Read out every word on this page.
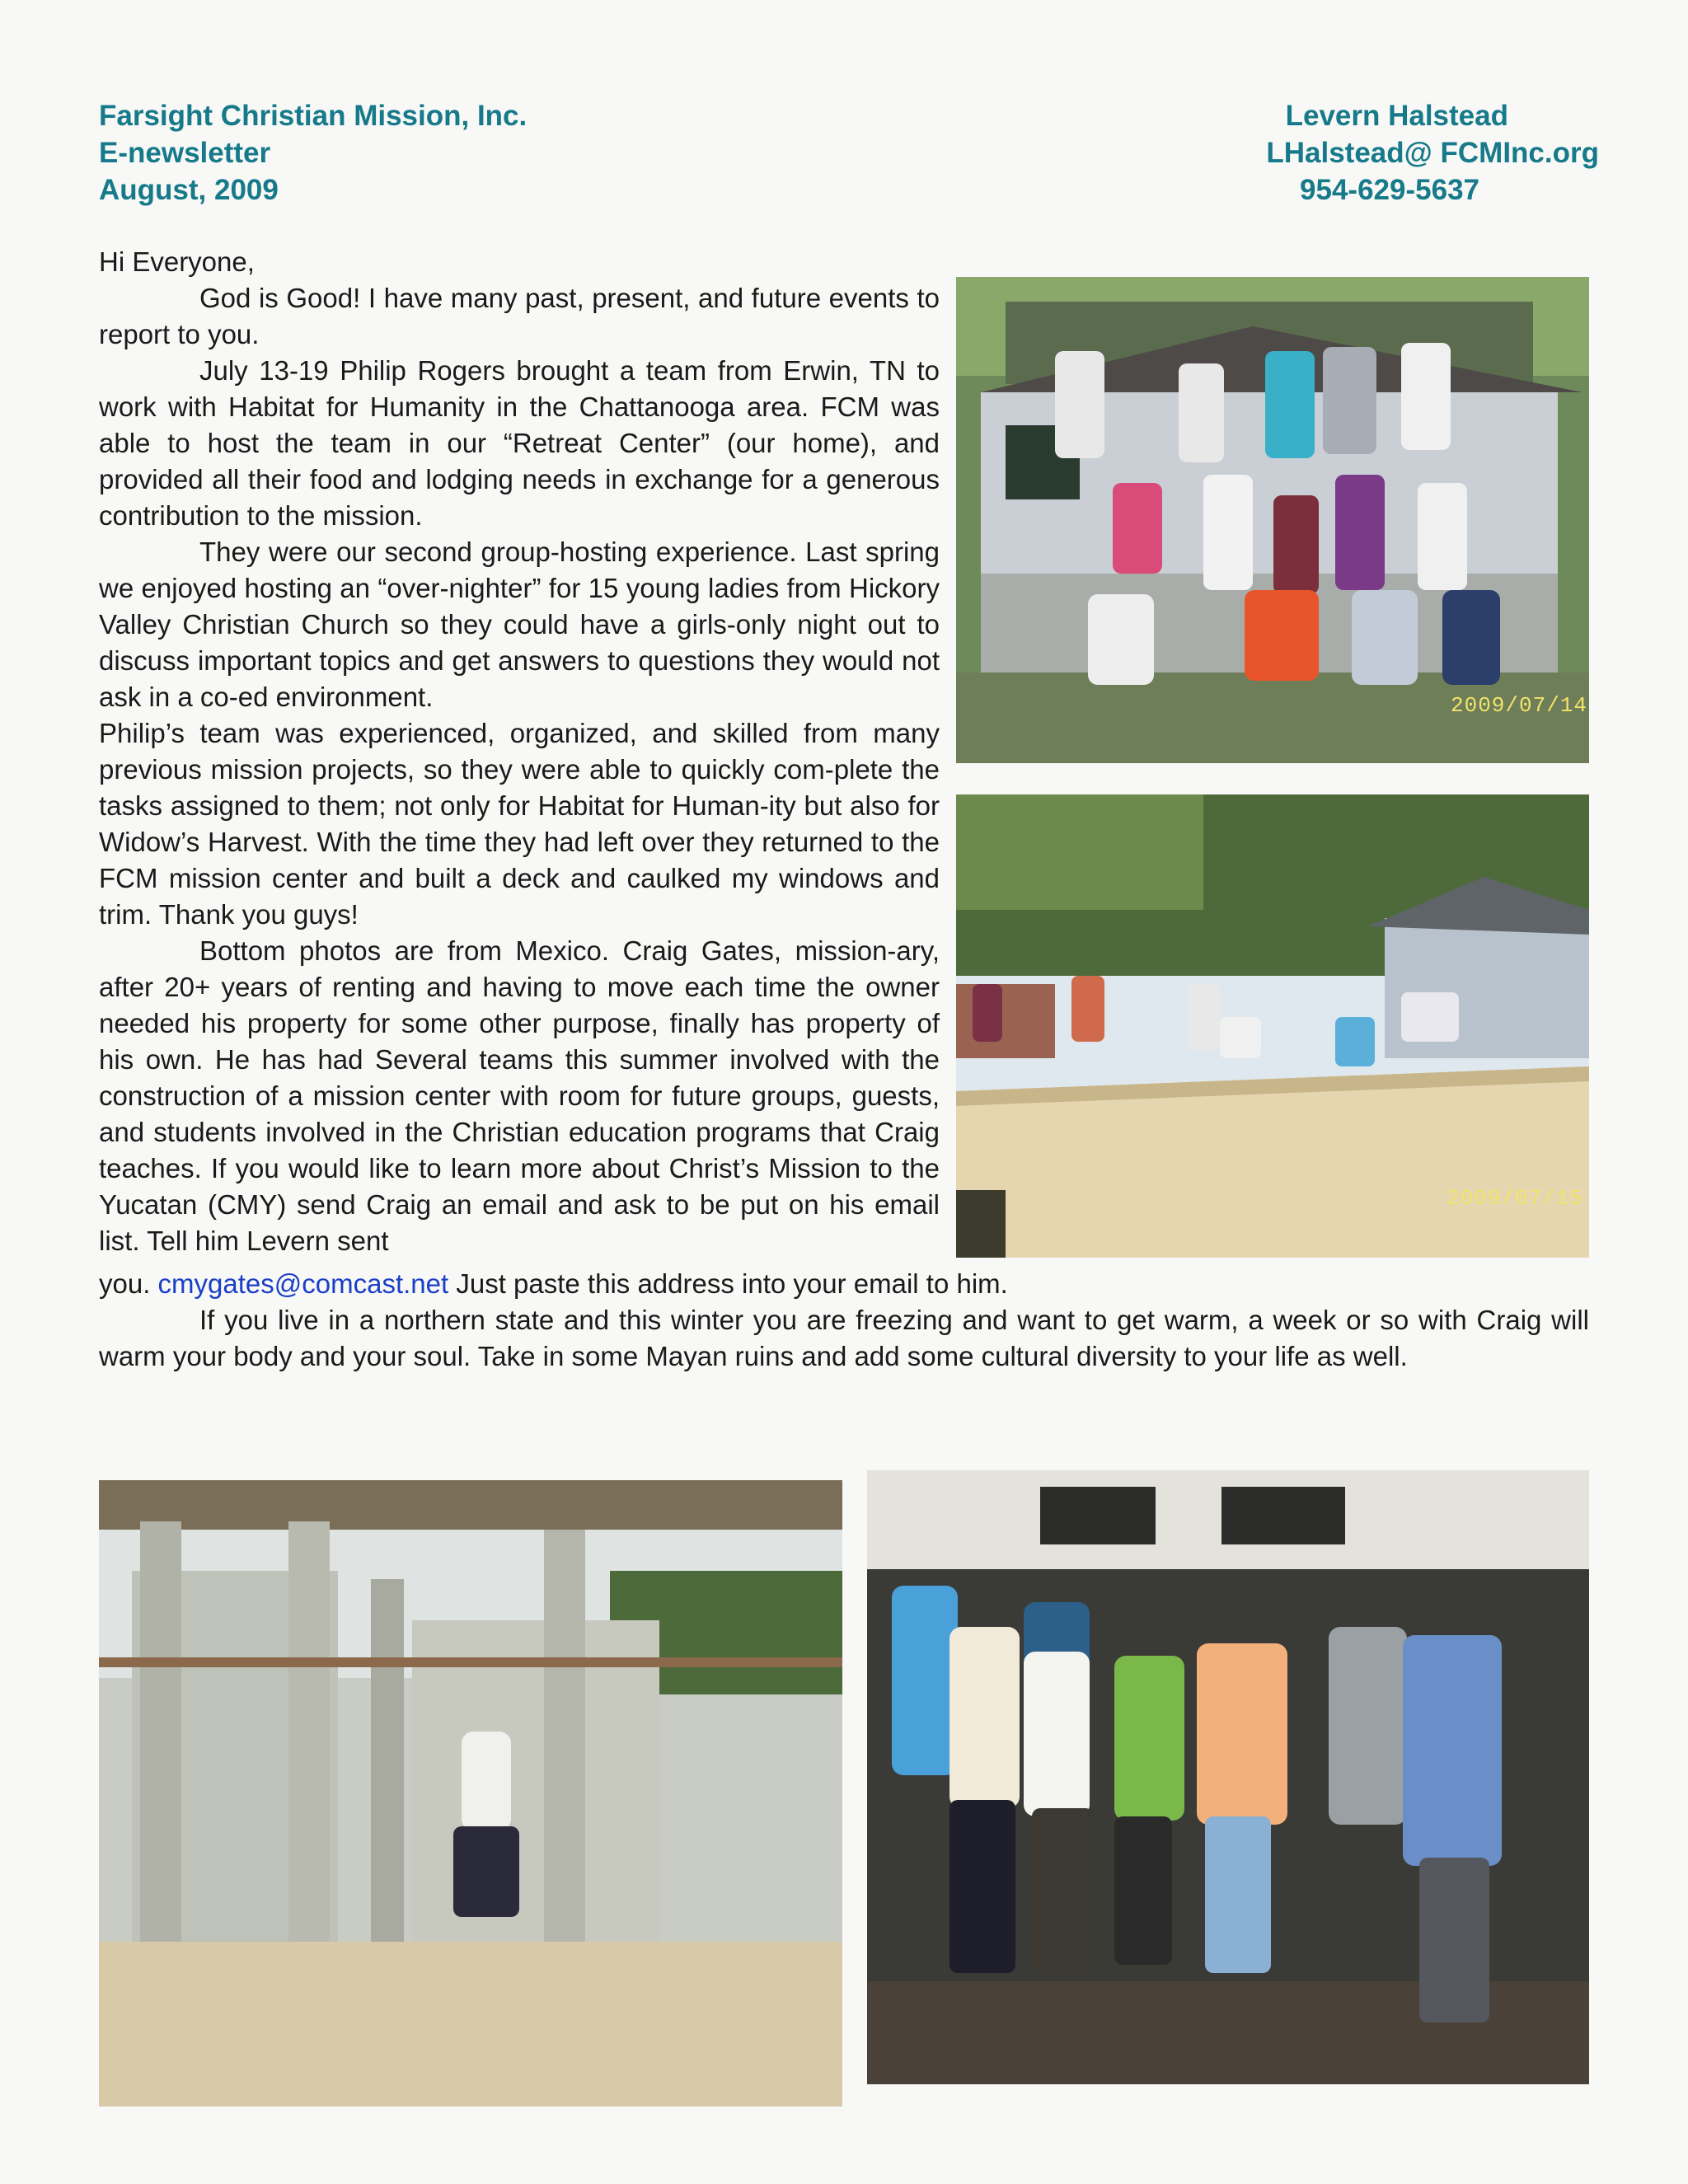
Farsight Christian Mission, Inc.
E-newsletter
August, 2009
Levern Halstead
LHalstead@ FCMInc.org
954-629-5637

Hi Everyone,

God is Good! I have many past, present, and future events to report to you.

July 13-19 Philip Rogers brought a team from Erwin, TN to work with Habitat for Humanity in the Chattanooga area. FCM was able to host the team in our “Retreat Center” (our home), and provided all their food and lodging needs in exchange for a generous contribution to the mission.

They were our second group-hosting experience. Last spring we enjoyed hosting an “over-nighter” for 15 young ladies from Hickory Valley Christian Church so they could have a girls-only night out to discuss important topics and get answers to questions they would not ask in a co-ed environment.

Philip’s team was experienced, organized, and skilled from many previous mission projects, so they were able to quickly com-plete the tasks assigned to them; not only for Habitat for Human-ity but also for Widow’s Harvest. With the time they had left over they returned to the FCM mission center and built a deck and caulked my windows and trim. Thank you guys!

Bottom photos are from Mexico. Craig Gates, mission-ary, after 20+ years of renting and having to move each time the owner needed his property for some other purpose, finally has property of his own. He has had Several teams this summer involved with the construction of a mission center with room for future groups, guests, and students involved in the Christian education programs that Craig teaches. If you would like to learn more about Christ’s Mission to the Yucatan (CMY) send Craig an email and ask to be put on his email list. Tell him Levern sent

you. cmygates@comcast.net Just paste this address into your email to him.

If you live in a northern state and this winter you are freezing and want to get warm, a week or so with Craig will warm your body and your soul. Take in some Mayan ruins and add some cultural diversity to your life as well.

2009/07/14
2009/07/15
